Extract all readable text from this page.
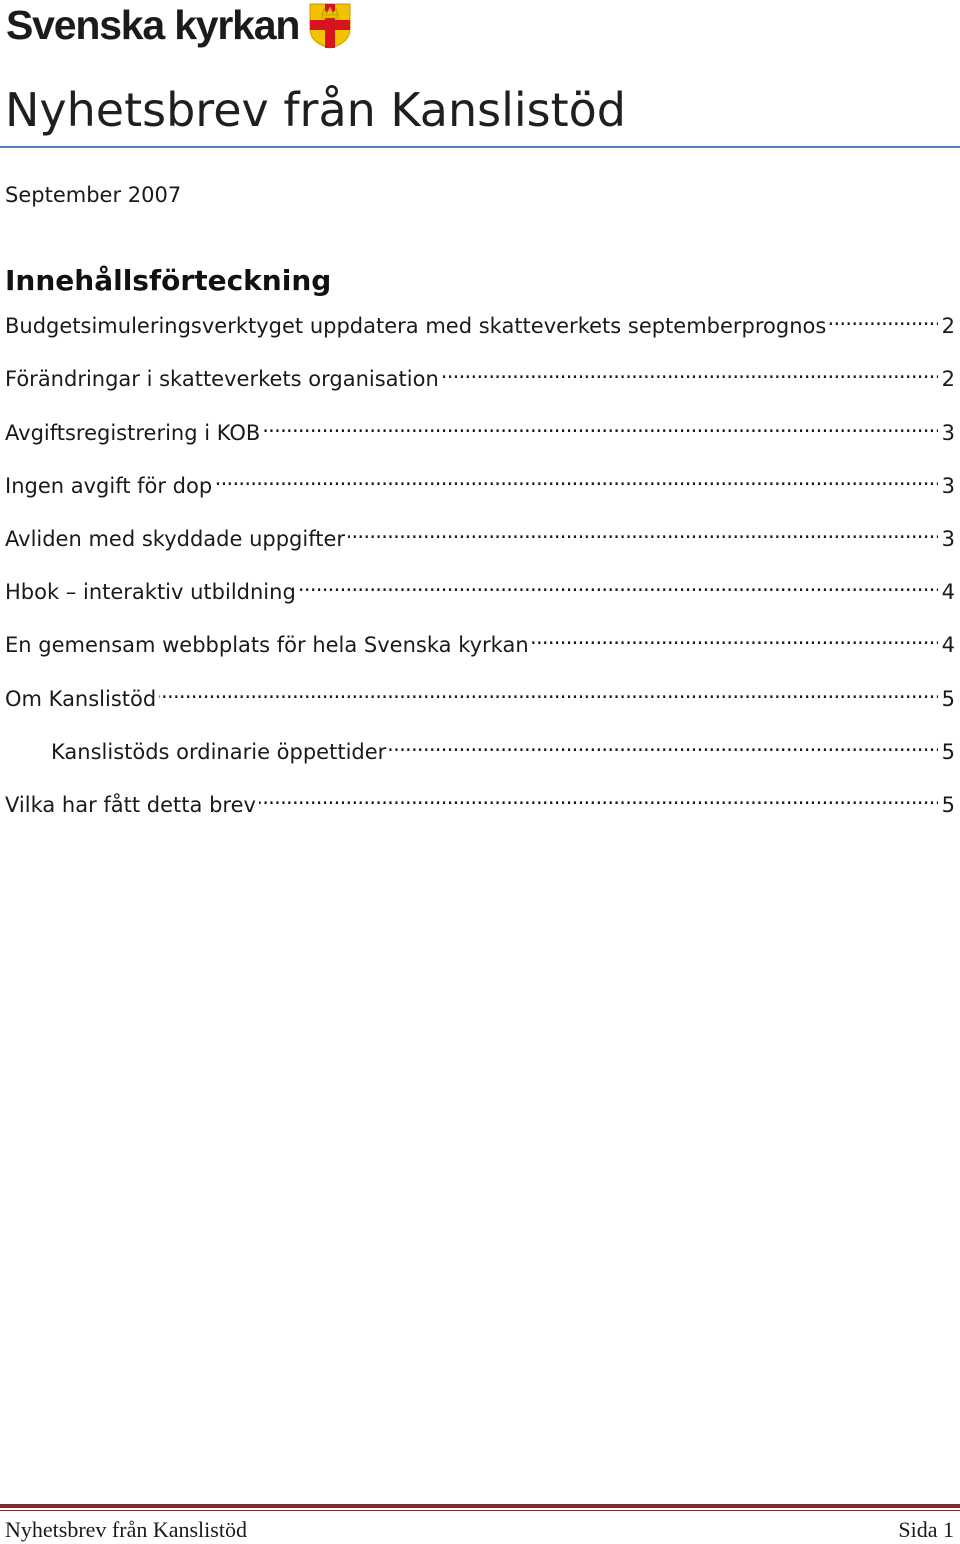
Svenska kyrkan
Nyhetsbrev från Kanslistöd
September 2007
Innehållsförteckning
Budgetsimuleringsverktyget uppdatera med skatteverkets septemberprognos . . .	2
Förändringar i skatteverkets organisation . . .	2
Avgiftsregistrering i KOB . . .	3
Ingen avgift för dop . . .	3
Avliden med skyddade uppgifter . . .	3
Hbok – interaktiv utbildning . . .	4
En gemensam webbplats för hela Svenska kyrkan . . .	4
Om Kanslistöd . . .	5
Kanslistöds ordinarie öppettider . . .	5
Vilka har fått detta brev . . .	5
Nyhetsbrev från Kanslistöd	Sida 1
